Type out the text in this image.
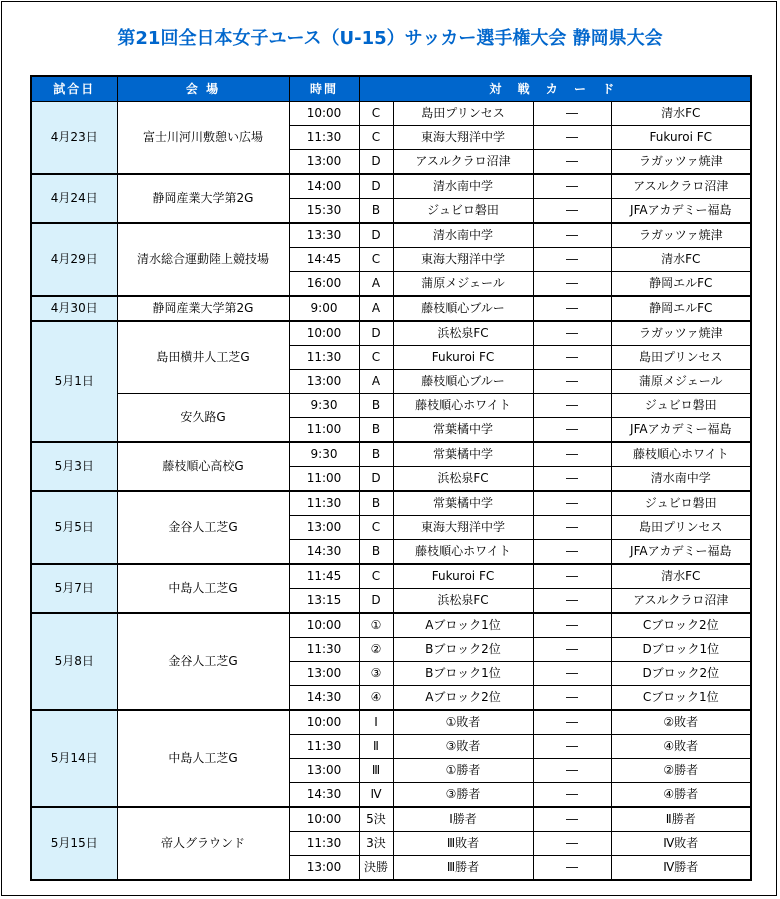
第21回全日本女子ユース（U-15）サッカー選手権大会 静岡県大会
試合日	会 場	時間	対 戦 カ ー ド			
4月23日	富士川河川敷憩い広場	10:00	C	島田プリンセス	―	清水FC
		11:30	C	東海大翔洋中学	―	Fukuroi FC
		13:00	D	アスルクラロ沼津	―	ラガッツァ焼津
4月24日	静岡産業大学第2G	14:00	D	清水南中学	―	アスルクラロ沼津
		15:30	B	ジュビロ磐田	―	JFAアカデミー福島
4月29日	清水総合運動陸上競技場	13:30	D	清水南中学	―	ラガッツァ焼津
		14:45	C	東海大翔洋中学	―	清水FC
		16:00	A	蒲原メジェール	―	静岡エルFC
4月30日	静岡産業大学第2G	9:00	A	藤枝順心ブルー	―	静岡エルFC
5月1日	島田横井人工芝G	10:00	D	浜松泉FC	―	ラガッツァ焼津
		11:30	C	Fukuroi FC	―	島田プリンセス
		13:00	A	藤枝順心ブルー	―	蒲原メジェール
	安久路G	9:30	B	藤枝順心ホワイト	―	ジュビロ磐田
		11:00	B	常葉橘中学	―	JFAアカデミー福島
5月3日	藤枝順心高校G	9:30	B	常葉橘中学	―	藤枝順心ホワイト
		11:00	D	浜松泉FC	―	清水南中学
5月5日	金谷人工芝G	11:30	B	常葉橘中学	―	ジュビロ磐田
		13:00	C	東海大翔洋中学	―	島田プリンセス
		14:30	B	藤枝順心ホワイト	―	JFAアカデミー福島
5月7日	中島人工芝G	11:45	C	Fukuroi FC	―	清水FC
		13:15	D	浜松泉FC	―	アスルクラロ沼津
5月8日	金谷人工芝G	10:00	①	Aブロック1位	―	Cブロック2位
		11:30	②	Bブロック2位	―	Dブロック1位
		13:00	③	Bブロック1位	―	Dブロック2位
		14:30	④	Aブロック2位	―	Cブロック1位
5月14日	中島人工芝G	10:00	Ⅰ	①敗者	―	②敗者
		11:30	Ⅱ	③敗者	―	④敗者
		13:00	Ⅲ	①勝者	―	②勝者
		14:30	Ⅳ	③勝者	―	④勝者
5月15日	帝人グラウンド	10:00	5決	Ⅰ勝者	―	Ⅱ勝者
		11:30	3決	Ⅲ敗者	―	Ⅳ敗者
		13:00	決勝	Ⅲ勝者	―	Ⅳ勝者
